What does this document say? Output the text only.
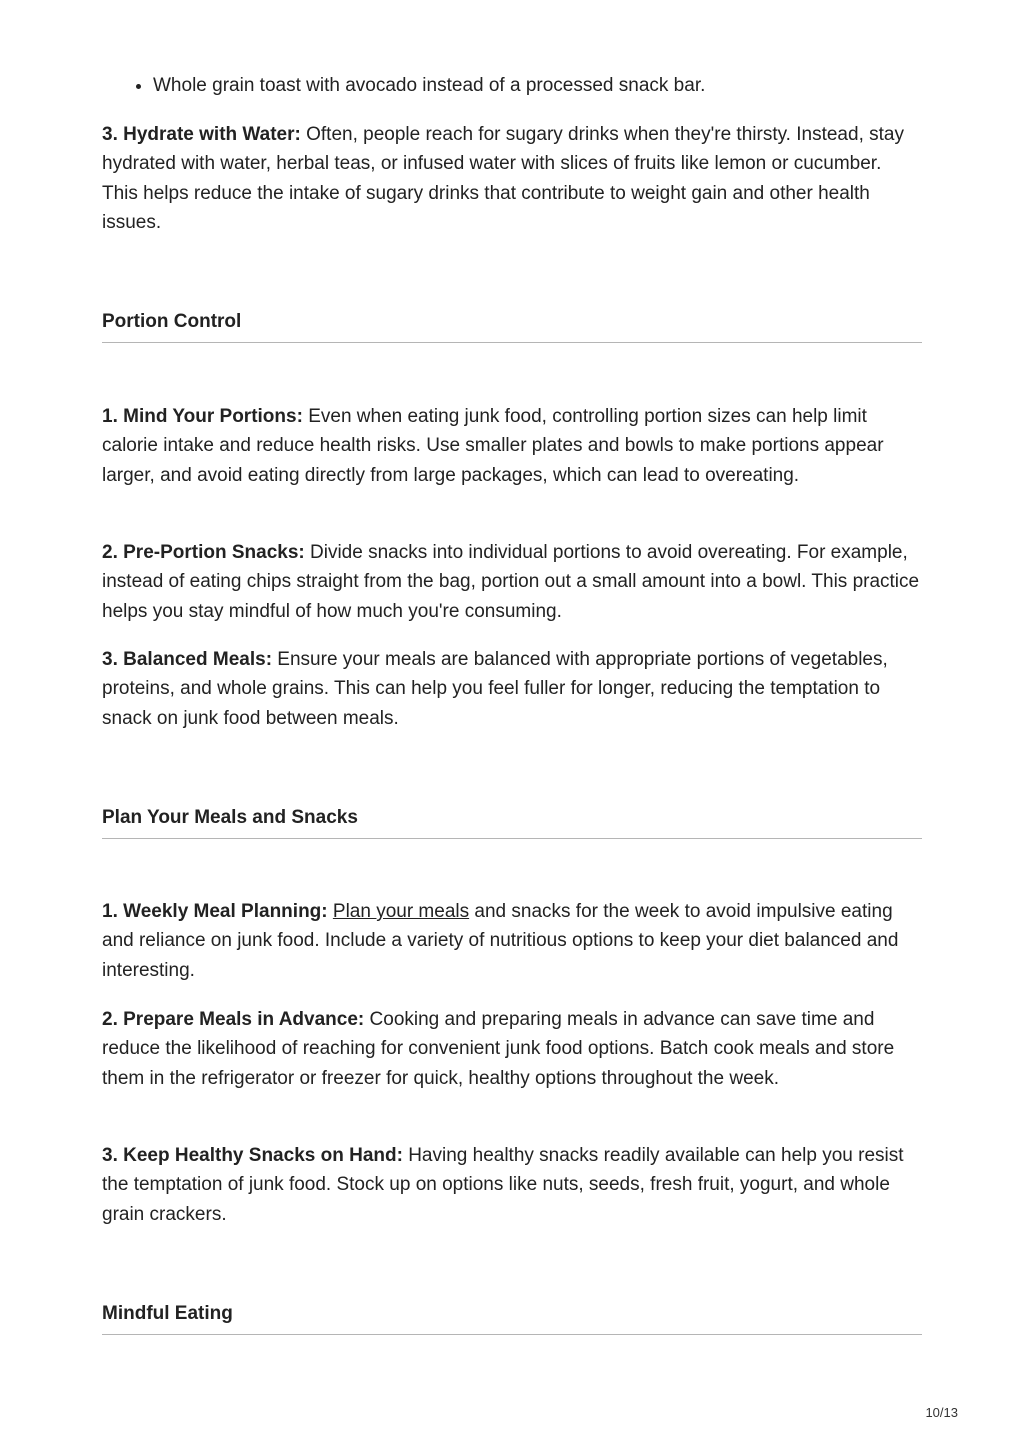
• Whole grain toast with avocado instead of a processed snack bar.

3. Hydrate with Water: Often, people reach for sugary drinks when they're thirsty. Instead, stay hydrated with water, herbal teas, or infused water with slices of fruits like lemon or cucumber. This helps reduce the intake of sugary drinks that contribute to weight gain and other health issues.

Portion Control

1. Mind Your Portions: Even when eating junk food, controlling portion sizes can help limit calorie intake and reduce health risks. Use smaller plates and bowls to make portions appear larger, and avoid eating directly from large packages, which can lead to overeating.

2. Pre-Portion Snacks: Divide snacks into individual portions to avoid overeating. For example, instead of eating chips straight from the bag, portion out a small amount into a bowl. This practice helps you stay mindful of how much you're consuming.

3. Balanced Meals: Ensure your meals are balanced with appropriate portions of vegetables, proteins, and whole grains. This can help you feel fuller for longer, reducing the temptation to snack on junk food between meals.

Plan Your Meals and Snacks

1. Weekly Meal Planning: Plan your meals and snacks for the week to avoid impulsive eating and reliance on junk food. Include a variety of nutritious options to keep your diet balanced and interesting.

2. Prepare Meals in Advance: Cooking and preparing meals in advance can save time and reduce the likelihood of reaching for convenient junk food options. Batch cook meals and store them in the refrigerator or freezer for quick, healthy options throughout the week.

3. Keep Healthy Snacks on Hand: Having healthy snacks readily available can help you resist the temptation of junk food. Stock up on options like nuts, seeds, fresh fruit, yogurt, and whole grain crackers.

Mindful Eating
10/13
